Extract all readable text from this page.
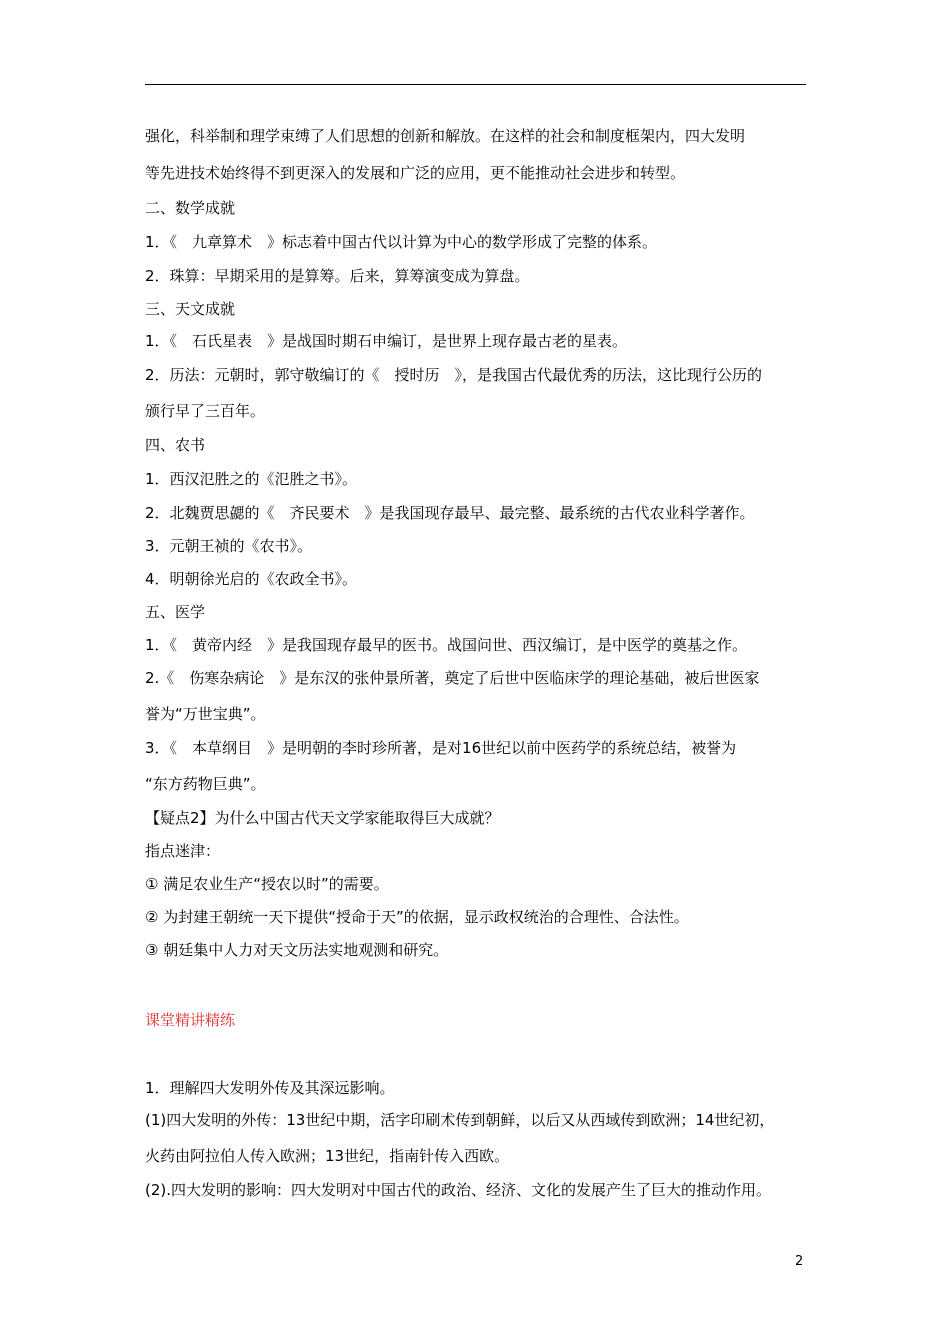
强化，科举制和理学束缚了人们思想的创新和解放。在这样的社会和制度框架内，四大发明
等先进技术始终得不到更深入的发展和广泛的应用，更不能推动社会进步和转型。
二、数学成就
1．《　九章算术　》标志着中国古代以计算为中心的数学形成了完整的体系。
2．珠算：早期采用的是算筹。后来，算筹演变成为算盘。
三、天文成就
1．《　石氏星表　》是战国时期石申编订，是世界上现存最古老的星表。
2．历法：元朝时，郭守敬编订的《　授时历　》，是我国古代最优秀的历法，这比现行公历的
颁行早了三百年。
四、农书
1．西汉氾胜之的《氾胜之书》。
2．北魏贾思勰的《　齐民要术　》是我国现存最早、最完整、最系统的古代农业科学著作。
3．元朝王祯的《农书》。
4．明朝徐光启的《农政全书》。
五、医学
1．《　黄帝内经　》是我国现存最早的医书。战国问世、西汉编订，是中医学的奠基之作。
2.《　伤寒杂病论　》是东汉的张仲景所著，奠定了后世中医临床学的理论基础，被后世医家
誉为“万世宝典”。
3．《　本草纲目　》是明朝的李时珍所著，是对16世纪以前中医药学的系统总结，被誉为
“东方药物巨典”。
【疑点2】为什么中国古代天文学家能取得巨大成就？
指点迷津：
① 满足农业生产“授农以时”的需要。
② 为封建王朝统一天下提供“授命于天”的依据，显示政权统治的合理性、合法性。
③ 朝廷集中人力对天文历法实地观测和研究。
课堂精讲精练
1．理解四大发明外传及其深远影响。
(1)四大发明的外传：13世纪中期，活字印刷术传到朝鲜，以后又从西域传到欧洲；14世纪初，
火药由阿拉伯人传入欧洲；13世纪，指南针传入西欧。
(2).四大发明的影响：四大发明对中国古代的政治、经济、文化的发展产生了巨大的推动作用。
2
